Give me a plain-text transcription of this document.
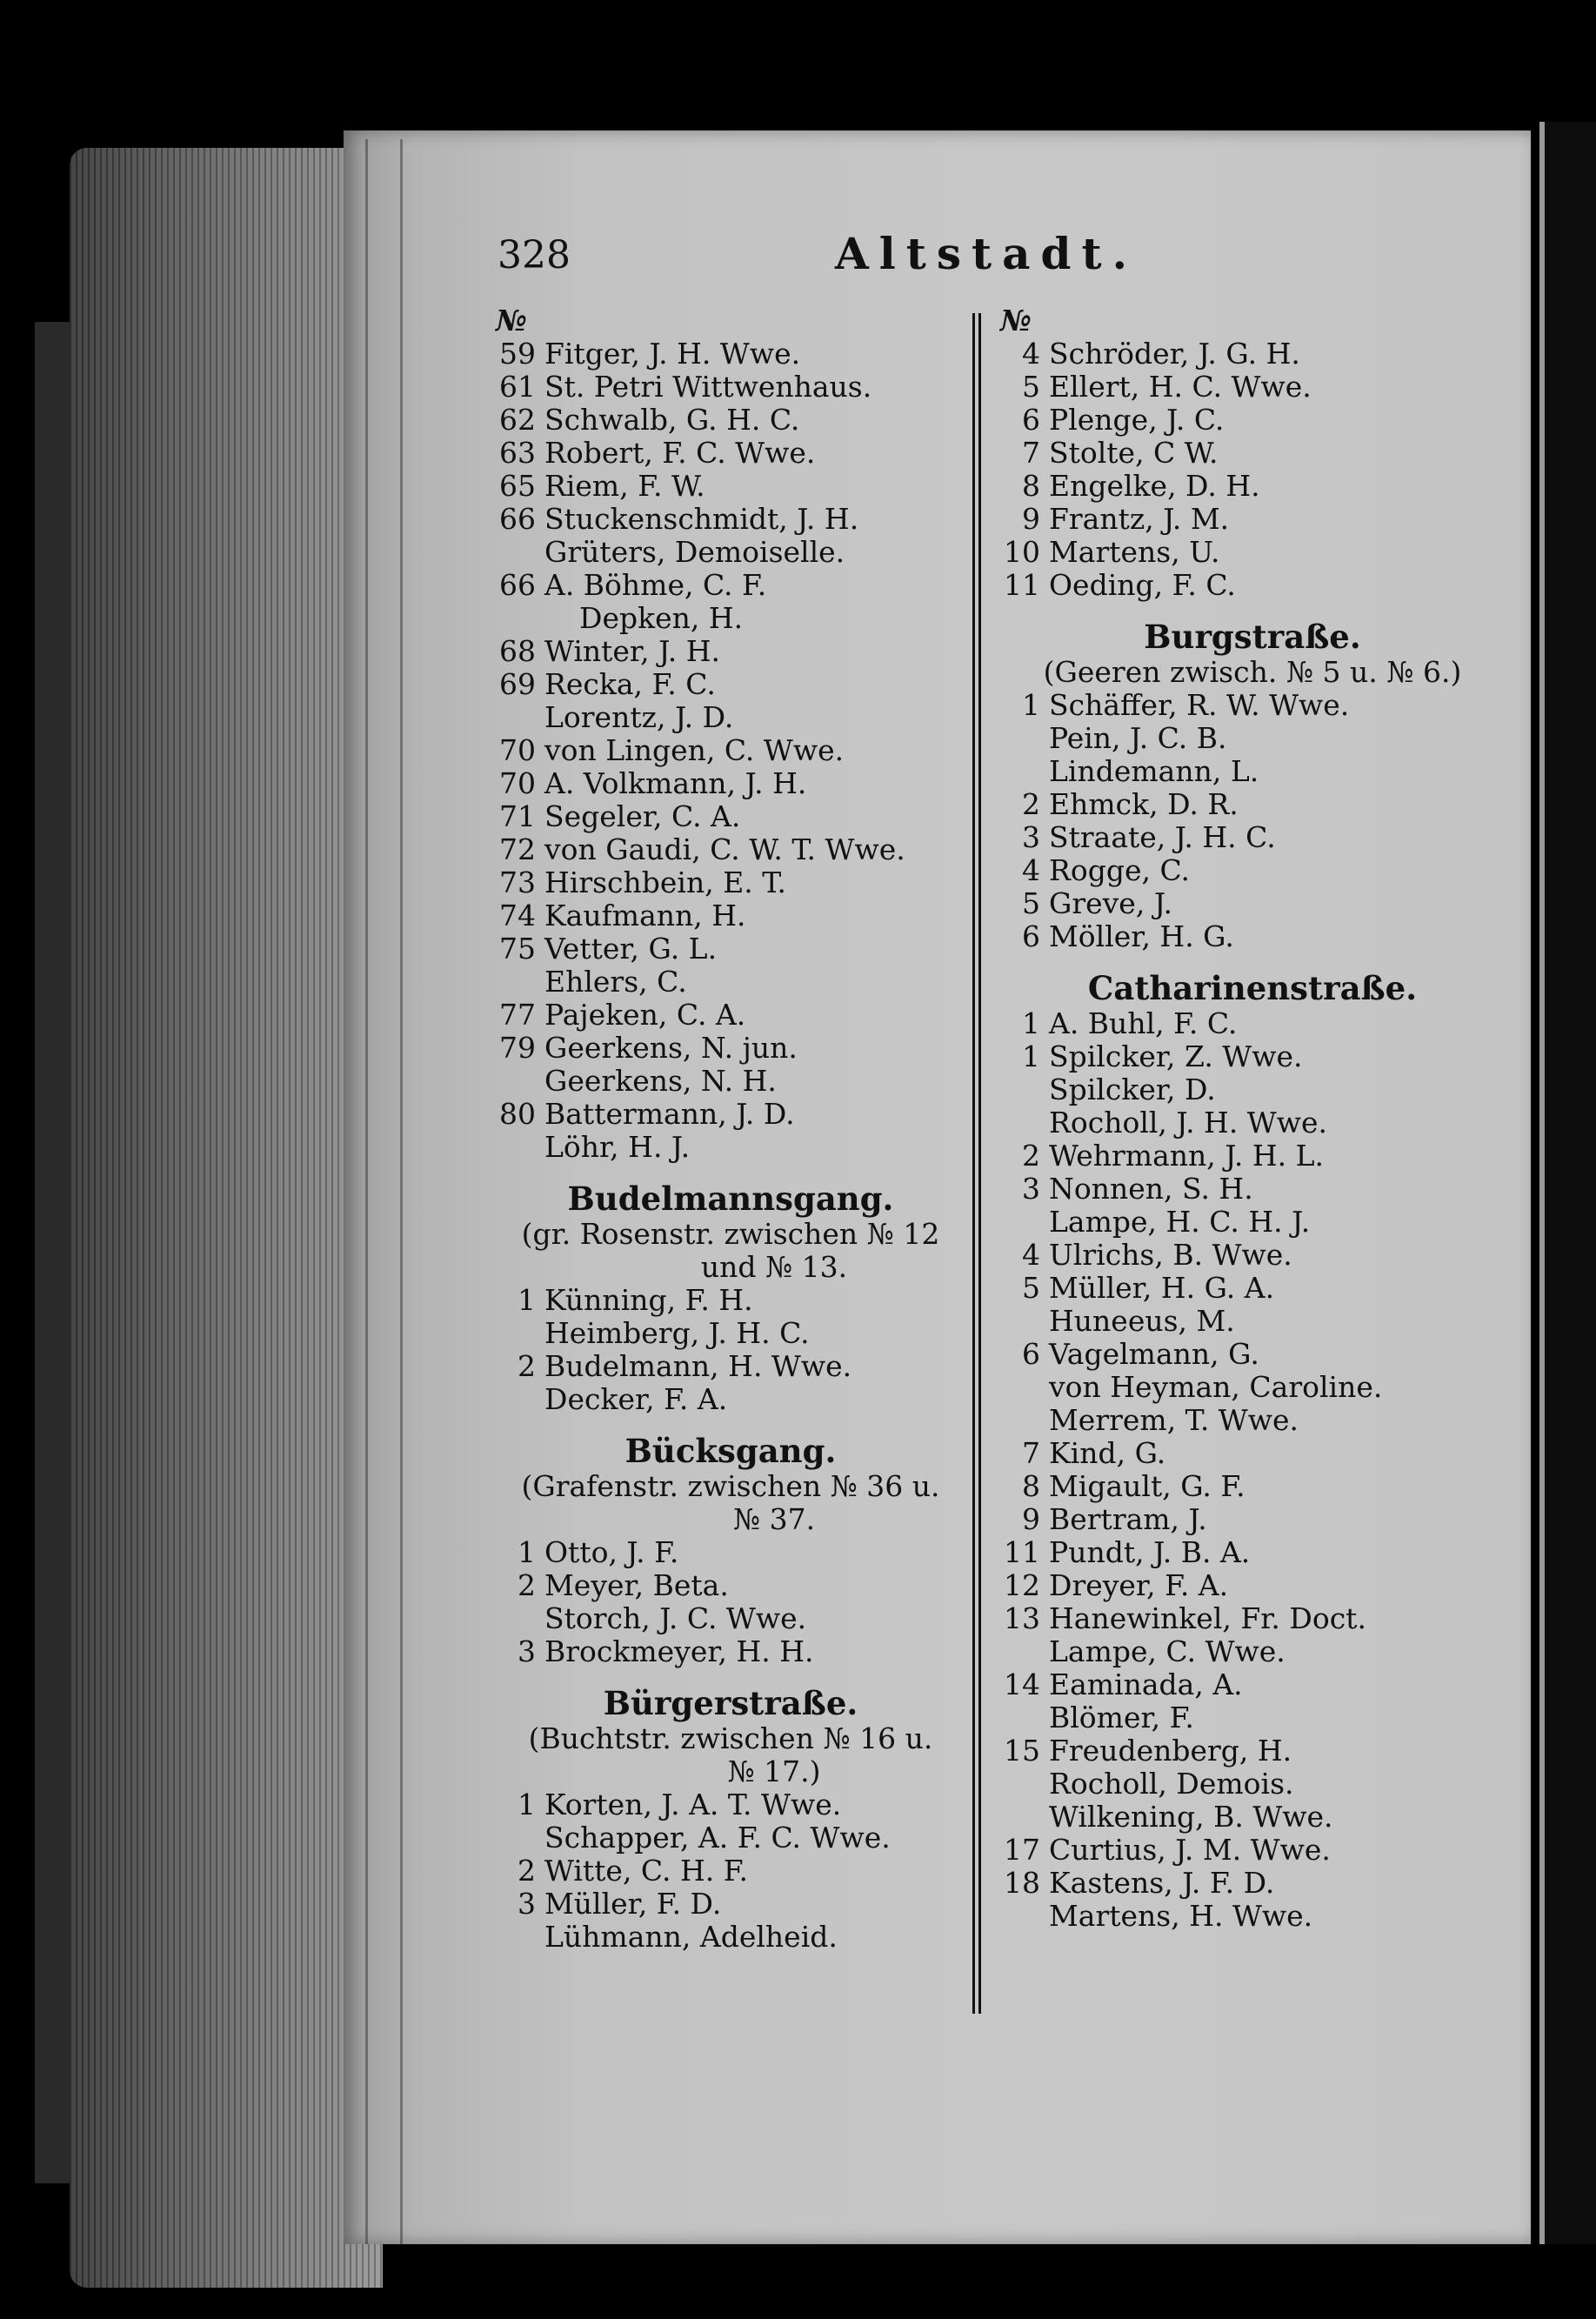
328	Altstadt.
№
59 Fitger, J. H. Wwe.
61 St. Petri Wittwenhaus.
62 Schwalb, G. H. C.
63 Robert, F. C. Wwe.
65 Riem, F. W.
66 Stuckenschmidt, J. H.
Grüters, Demoiselle.
66 A. Böhme, C. F.
Depken, H.
68 Winter, J. H.
69 Recka, F. C.
Lorentz, J. D.
70 von Lingen, C. Wwe.
70 A. Volkmann, J. H.
71 Segeler, C. A.
72 von Gaudi, C. W. T. Wwe.
73 Hirschbein, E. T.
74 Kaufmann, H.
75 Vetter, G. L.
Ehlers, C.
77 Pajeken, C. A.
79 Geerkens, N. jun.
Geerkens, N. H.
80 Battermann, J. D.
Löhr, H. J.
Budelmannsgang.
(gr. Rosenstr. zwischen № 12
und № 13.
1 Künning, F. H.
Heimberg, J. H. C.
2 Budelmann, H. Wwe.
Decker, F. A.
Bücksgang.
(Grafenstr. zwischen № 36 u.
№ 37.
1 Otto, J. F.
2 Meyer, Beta.
Storch, J. C. Wwe.
3 Brockmeyer, H. H.
Bürgerstraße.
(Buchtstr. zwischen № 16 u.
№ 17.)
1 Korten, J. A. T. Wwe.
Schapper, A. F. C. Wwe.
2 Witte, C. H. F.
3 Müller, F. D.
Lühmann, Adelheid.
№
4 Schröder, J. G. H.
5 Ellert, H. C. Wwe.
6 Plenge, J. C.
7 Stolte, C W.
8 Engelke, D. H.
9 Frantz, J. M.
10 Martens, U.
11 Oeding, F. C.
Burgstraße.
(Geeren zwisch. № 5 u. № 6.)
1 Schäffer, R. W. Wwe.
Pein, J. C. B.
Lindemann, L.
2 Ehmck, D. R.
3 Straate, J. H. C.
4 Rogge, C.
5 Greve, J.
6 Möller, H. G.
Catharinenstraße.
1 A. Buhl, F. C.
1 Spilcker, Z. Wwe.
Spilcker, D.
Rocholl, J. H. Wwe.
2 Wehrmann, J. H. L.
3 Nonnen, S. H.
Lampe, H. C. H. J.
4 Ulrichs, B. Wwe.
5 Müller, H. G. A.
Huneeus, M.
6 Vagelmann, G.
von Heyman, Caroline.
Merrem, T. Wwe.
7 Kind, G.
8 Migault, G. F.
9 Bertram, J.
11 Pundt, J. B. A.
12 Dreyer, F. A.
13 Hanewinkel, Fr. Doct.
Lampe, C. Wwe.
14 Eaminada, A.
Blömer, F.
15 Freudenberg, H.
Rocholl, Demois.
Wilkening, B. Wwe.
17 Curtius, J. M. Wwe.
18 Kastens, J. F. D.
Martens, H. Wwe.
